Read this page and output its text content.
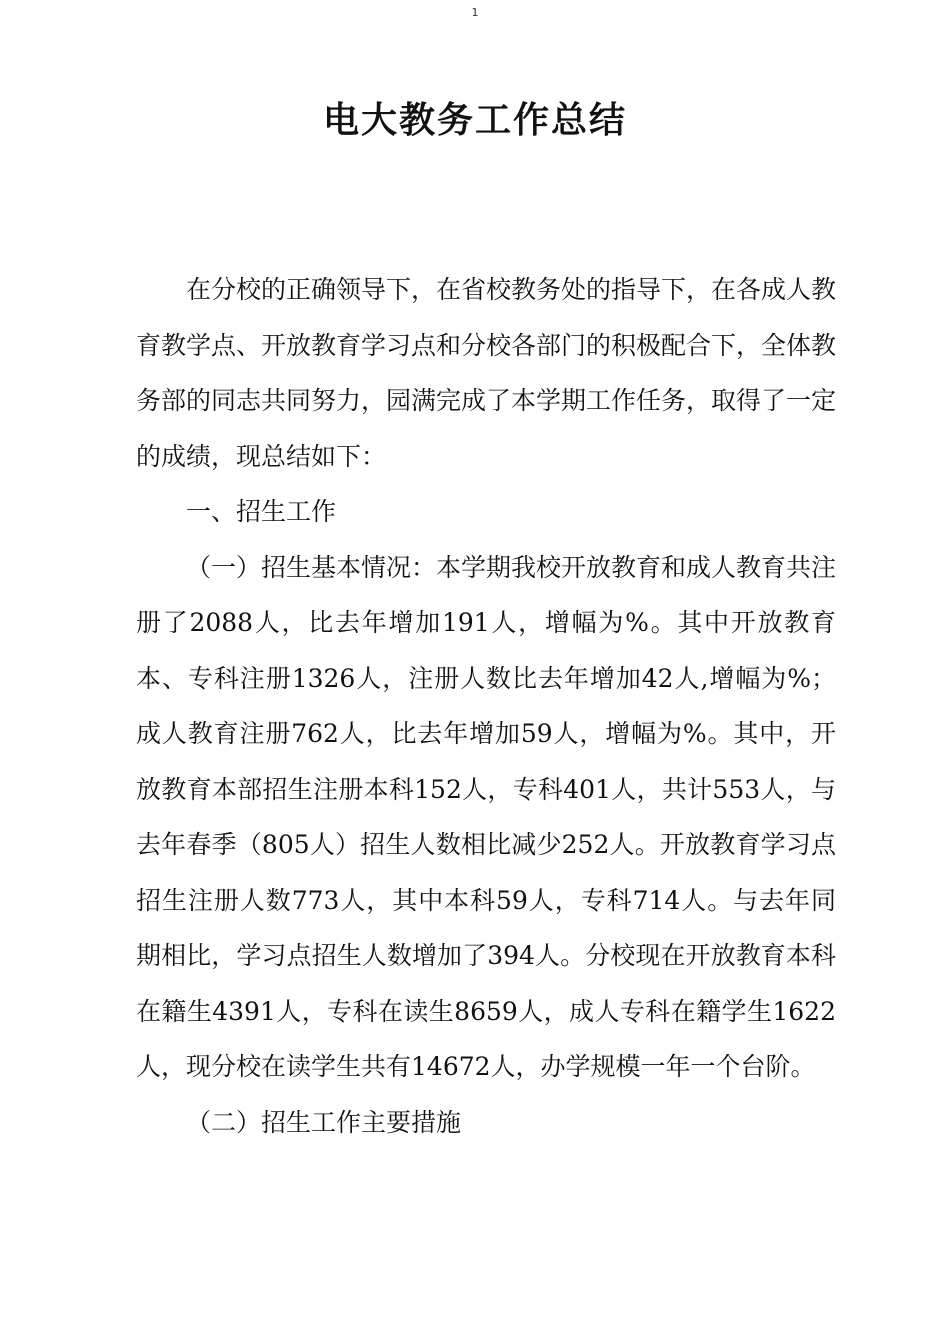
1
电大教务工作总结

在分校的正确领导下，在省校教务处的指导下，在各成人教育教学点、开放教育学习点和分校各部门的积极配合下，全体教务部的同志共同努力，园满完成了本学期工作任务，取得了一定的成绩，现总结如下：

一、招生工作

（一）招生基本情况：本学期我校开放教育和成人教育共注册了2088人，比去年增加191人，增幅为%。其中开放教育本、专科注册1326人，注册人数比去年增加42人,增幅为%；成人教育注册762人，比去年增加59人，增幅为%。其中，开放教育本部招生注册本科152人，专科401人，共计553人，与去年春季（805人）招生人数相比减少252人。开放教育学习点招生注册人数773人，其中本科59人，专科714人。与去年同期相比，学习点招生人数增加了394人。分校现在开放教育本科在籍生4391人，专科在读生8659人，成人专科在籍学生1622人，现分校在读学生共有14672人，办学规模一年一个台阶。

（二）招生工作主要措施
